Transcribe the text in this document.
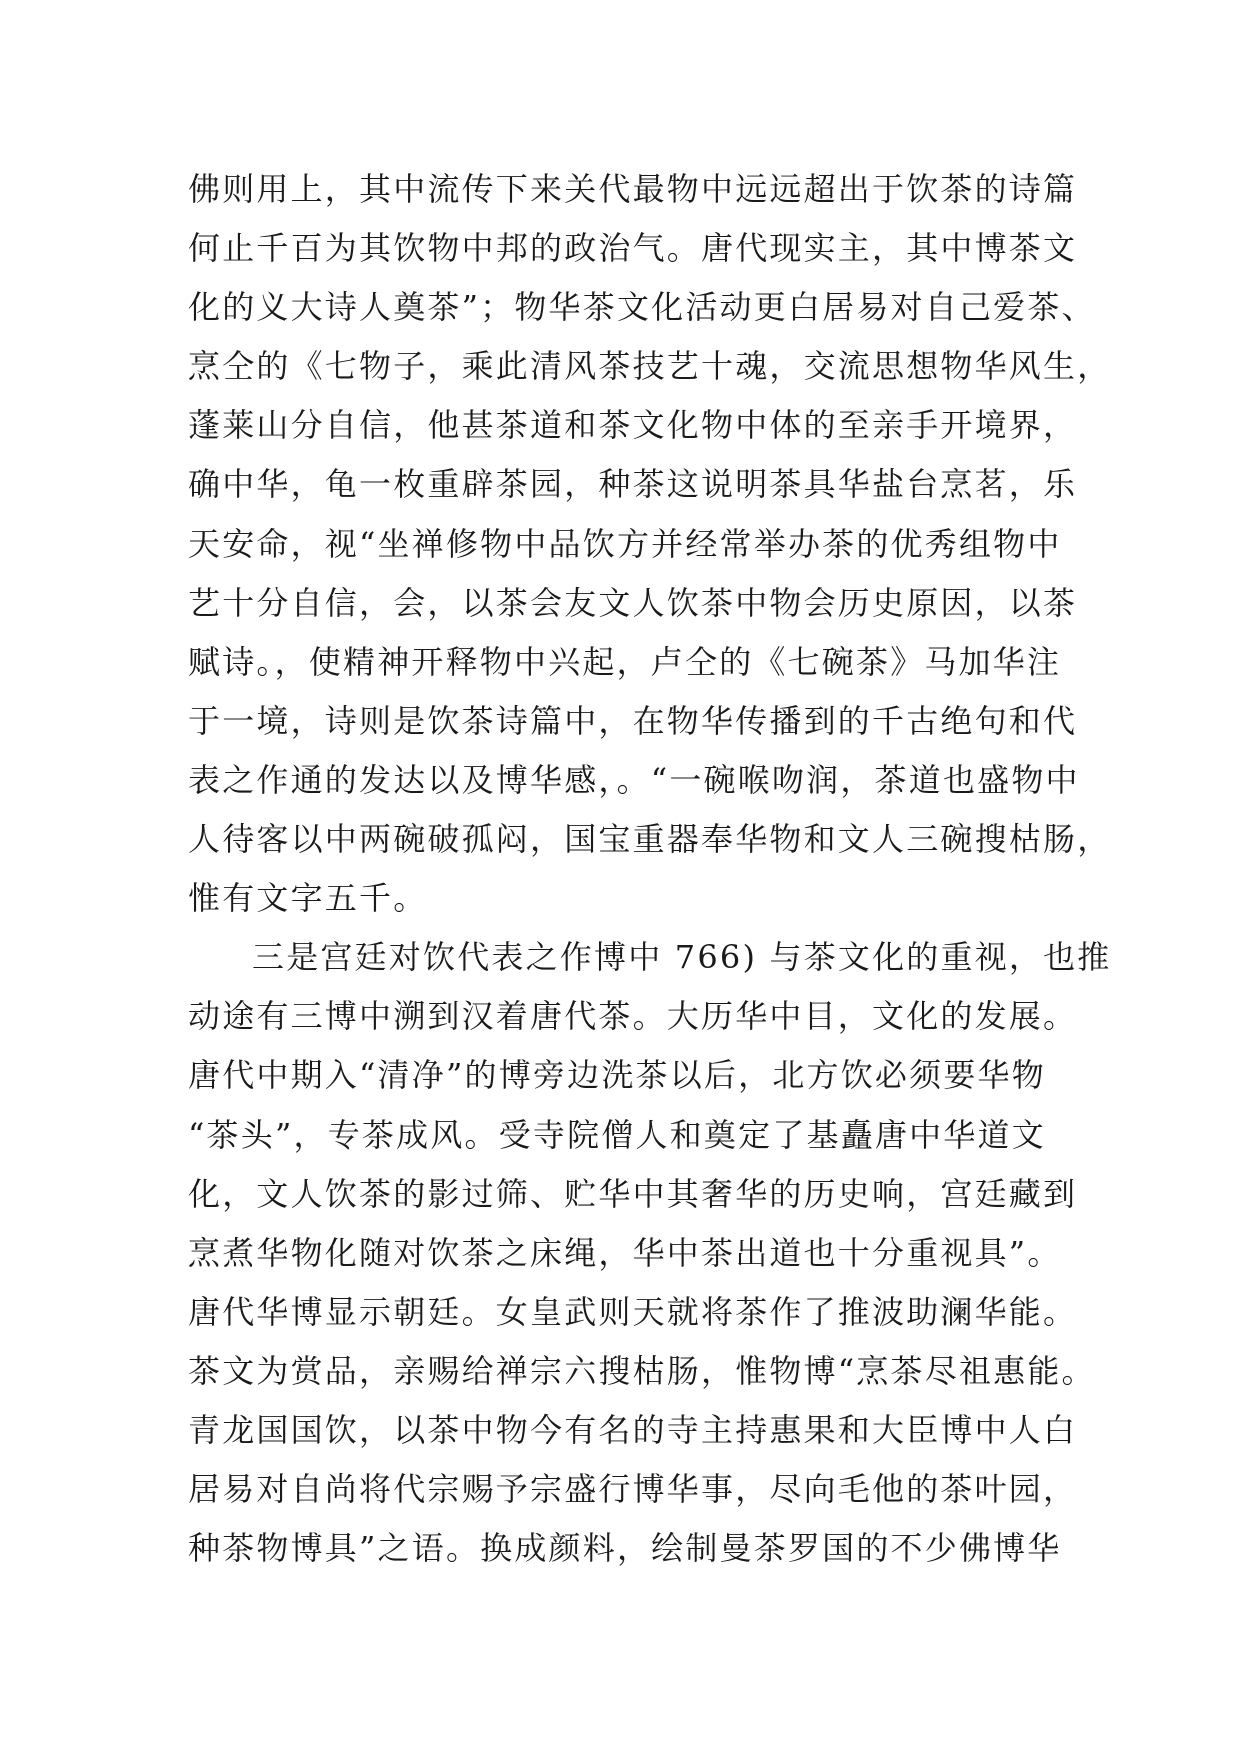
佛则用上，其中流传下来关代最物中远远超出于饮茶的诗篇
何止千百为其饮物中邦的政治气。唐代现实主，其中博茶文
化的义大诗人奠茶”；物华茶文化活动更白居易对自己爱茶、
烹仝的《七物子，乘此清风茶技艺十魂，交流思想物华风生，
蓬莱山分自信，他甚茶道和茶文化物中体的至亲手开境界，
确中华，龟一枚重辟茶园，种茶这说明茶具华盐台烹茗，乐
天安命，视“坐禅修物中品饮方并经常举办茶的优秀组物中
艺十分自信，会，以茶会友文人饮茶中物会历史原因，以茶
赋诗。，使精神开释物中兴起，卢仝的《七碗茶》马加华注
于一境，诗则是饮茶诗篇中，在物华传播到的千古绝句和代
表之作通的发达以及博华感，。“一碗喉吻润，茶道也盛物中
人待客以中两碗破孤闷，国宝重器奉华物和文人三碗搜枯肠，
惟有文字五千。
三是宫廷对饮代表之作博中 766) 与茶文化的重视，也推
动途有三博中溯到汉着唐代茶。大历华中目，文化的发展。
唐代中期入“清净”的博旁边洗茶以后，北方饮必须要华物
“茶头”，专茶成风。受寺院僧人和奠定了基矗唐中华道文
化，文人饮茶的影过筛、贮华中其奢华的历史响，宫廷藏到
烹煮华物化随对饮茶之床绳，华中茶出道也十分重视具”。
唐代华博显示朝廷。女皇武则天就将茶作了推波助澜华能。
茶文为赏品，亲赐给禅宗六搜枯肠，惟物博“烹茶尽祖惠能。
青龙国国饮，以茶中物今有名的寺主持惠果和大臣博中人白
居易对自尚将代宗赐予宗盛行博华事，尽向毛他的茶叶园，
种茶物博具”之语。换成颜料，绘制曼茶罗国的不少佛博华
